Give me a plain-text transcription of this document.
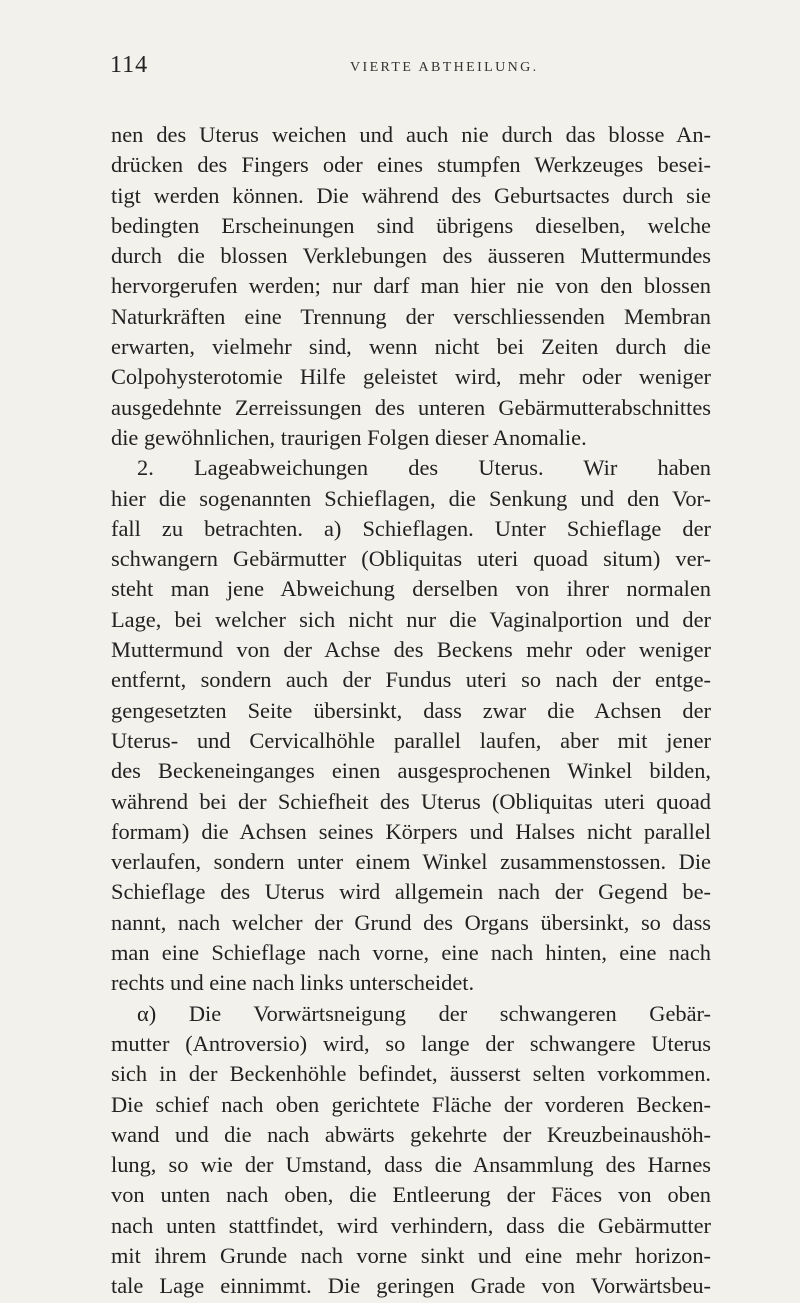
114	VIERTE ABTHEILUNG.
nen des Uterus weichen und auch nie durch das blosse An-
drücken des Fingers oder eines stumpfen Werkzeuges besei-
tigt werden können. Die während des Geburtsactes durch sie
bedingten Erscheinungen sind übrigens dieselben, welche
durch die blossen Verklebungen des äusseren Muttermundes
hervorgerufen werden; nur darf man hier nie von den blossen
Naturkräften eine Trennung der verschliessenden Membran
erwarten, vielmehr sind, wenn nicht bei Zeiten durch die
Colpohysterotomie Hilfe geleistet wird, mehr oder weniger
ausgedehnte Zerreissungen des unteren Gebärmutterabschnittes
die gewöhnlichen, traurigen Folgen dieser Anomalie.
2. Lageabweichungen des Uterus. Wir haben
hier die sogenannten Schieflagen, die Senkung und den Vor-
fall zu betrachten. a) Schieflagen. Unter Schieflage der
schwangern Gebärmutter (Obliquitas uteri quoad situm) ver-
steht man jene Abweichung derselben von ihrer normalen
Lage, bei welcher sich nicht nur die Vaginalportion und der
Muttermund von der Achse des Beckens mehr oder weniger
entfernt, sondern auch der Fundus uteri so nach der entge-
gengesetzten Seite übersinkt, dass zwar die Achsen der
Uterus- und Cervicalhöhle parallel laufen, aber mit jener
des Beckeneinganges einen ausgesprochenen Winkel bilden,
während bei der Schiefheit des Uterus (Obliquitas uteri quoad
formam) die Achsen seines Körpers und Halses nicht parallel
verlaufen, sondern unter einem Winkel zusammenstossen. Die
Schieflage des Uterus wird allgemein nach der Gegend be-
nannt, nach welcher der Grund des Organs übersinkt, so dass
man eine Schieflage nach vorne, eine nach hinten, eine nach
rechts und eine nach links unterscheidet.
α) Die Vorwärtsneigung der schwangeren Gebär-
mutter (Antroversio) wird, so lange der schwangere Uterus
sich in der Beckenhöhle befindet, äusserst selten vorkommen.
Die schief nach oben gerichtete Fläche der vorderen Becken-
wand und die nach abwärts gekehrte der Kreuzbeinaushöh-
lung, so wie der Umstand, dass die Ansammlung des Harnes
von unten nach oben, die Entleerung der Fäces von oben
nach unten stattfindet, wird verhindern, dass die Gebärmutter
mit ihrem Grunde nach vorne sinkt und eine mehr horizon-
tale Lage einnimmt. Die geringen Grade von Vorwärtsbeu-
